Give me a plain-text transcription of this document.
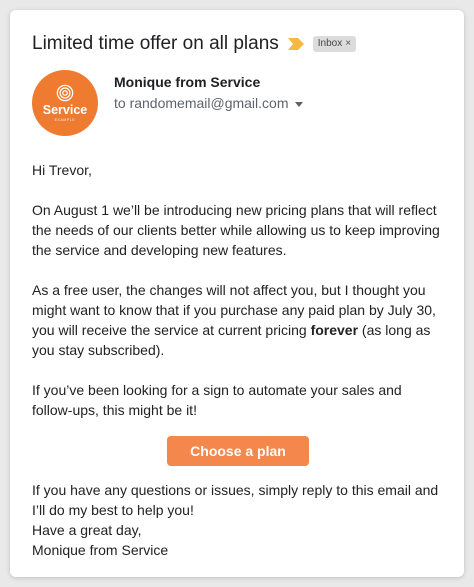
Limited time offer on all plans	Inbox ×
Service
EXAMPLE
Monique from Service
to randomemail@gmail.com

Hi Trevor,

On August 1 we’ll be introducing new pricing plans that will reflect the needs of our clients better while allowing us to keep improving the service and developing new features.

As a free user, the changes will not affect you, but I thought you might want to know that if you purchase any paid plan by July 30, you will receive the service at current pricing forever (as long as you stay subscribed).

If you’ve been looking for a sign to automate your sales and follow-ups, this might be it!

Choose a plan

If you have any questions or issues, simply reply to this email and I’ll do my best to help you!

Have a great day,

Monique from Service
